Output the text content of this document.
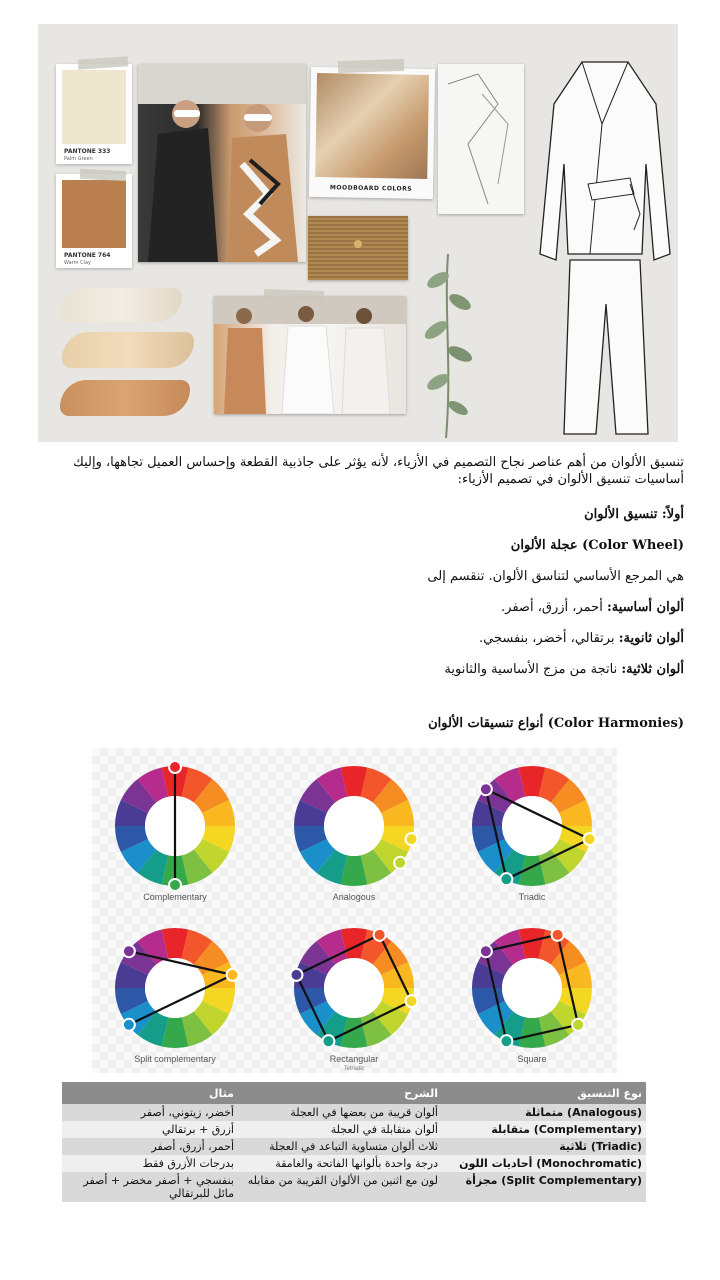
PANTONE 333
Palm Green
PANTONE 764
Warm Clay
MOODBOARD COLORS
تنسيق الألوان من أهم عناصر نجاح التصميم في الأزياء، لأنه يؤثر على جاذبية القطعة وإحساس العميل تجاهها، وإليك أساسيات تنسيق الألوان في تصميم الأزياء:
أولاً: تنسيق الألوان
(Color Wheel) عجلة الألوان
هي المرجع الأساسي لتناسق الألوان. تنقسم إلى
ألوان أساسية: أحمر، أزرق، أصفر.
ألوان ثانوية: برتقالي، أخضر، بنفسجي.
ألوان ثلاثية: ناتجة من مزج الأساسية والثانوية
(Color Harmonies) أنواع تنسيقات الألوان
Complementary	Analogous	Triadic
Split complementary	Rectangular
Tetradic
Square
نوع التنسيق	الشرح	مثال
(Analogous) متماثلة	ألوان قريبة من بعضها في العجلة	أخضر، زيتوني، أصفر
(Complementary) متقابلة	ألوان متقابلة في العجلة	أزرق + برتقالي
(Triadic) ثلاثية	ثلاث ألوان متساوية التباعد في العجلة	أحمر، أزرق، أصفر
(Monochromatic) أحاديات اللون	درجة واحدة بألوانها الفاتحة والغامقة	بدرجات الأزرق فقط
(Split Complementary) مجزأة	لون مع اثنين من الألوان القريبة من مقابله	بنفسجي + أصفر مخضر + أصفر مائل للبرتقالي
